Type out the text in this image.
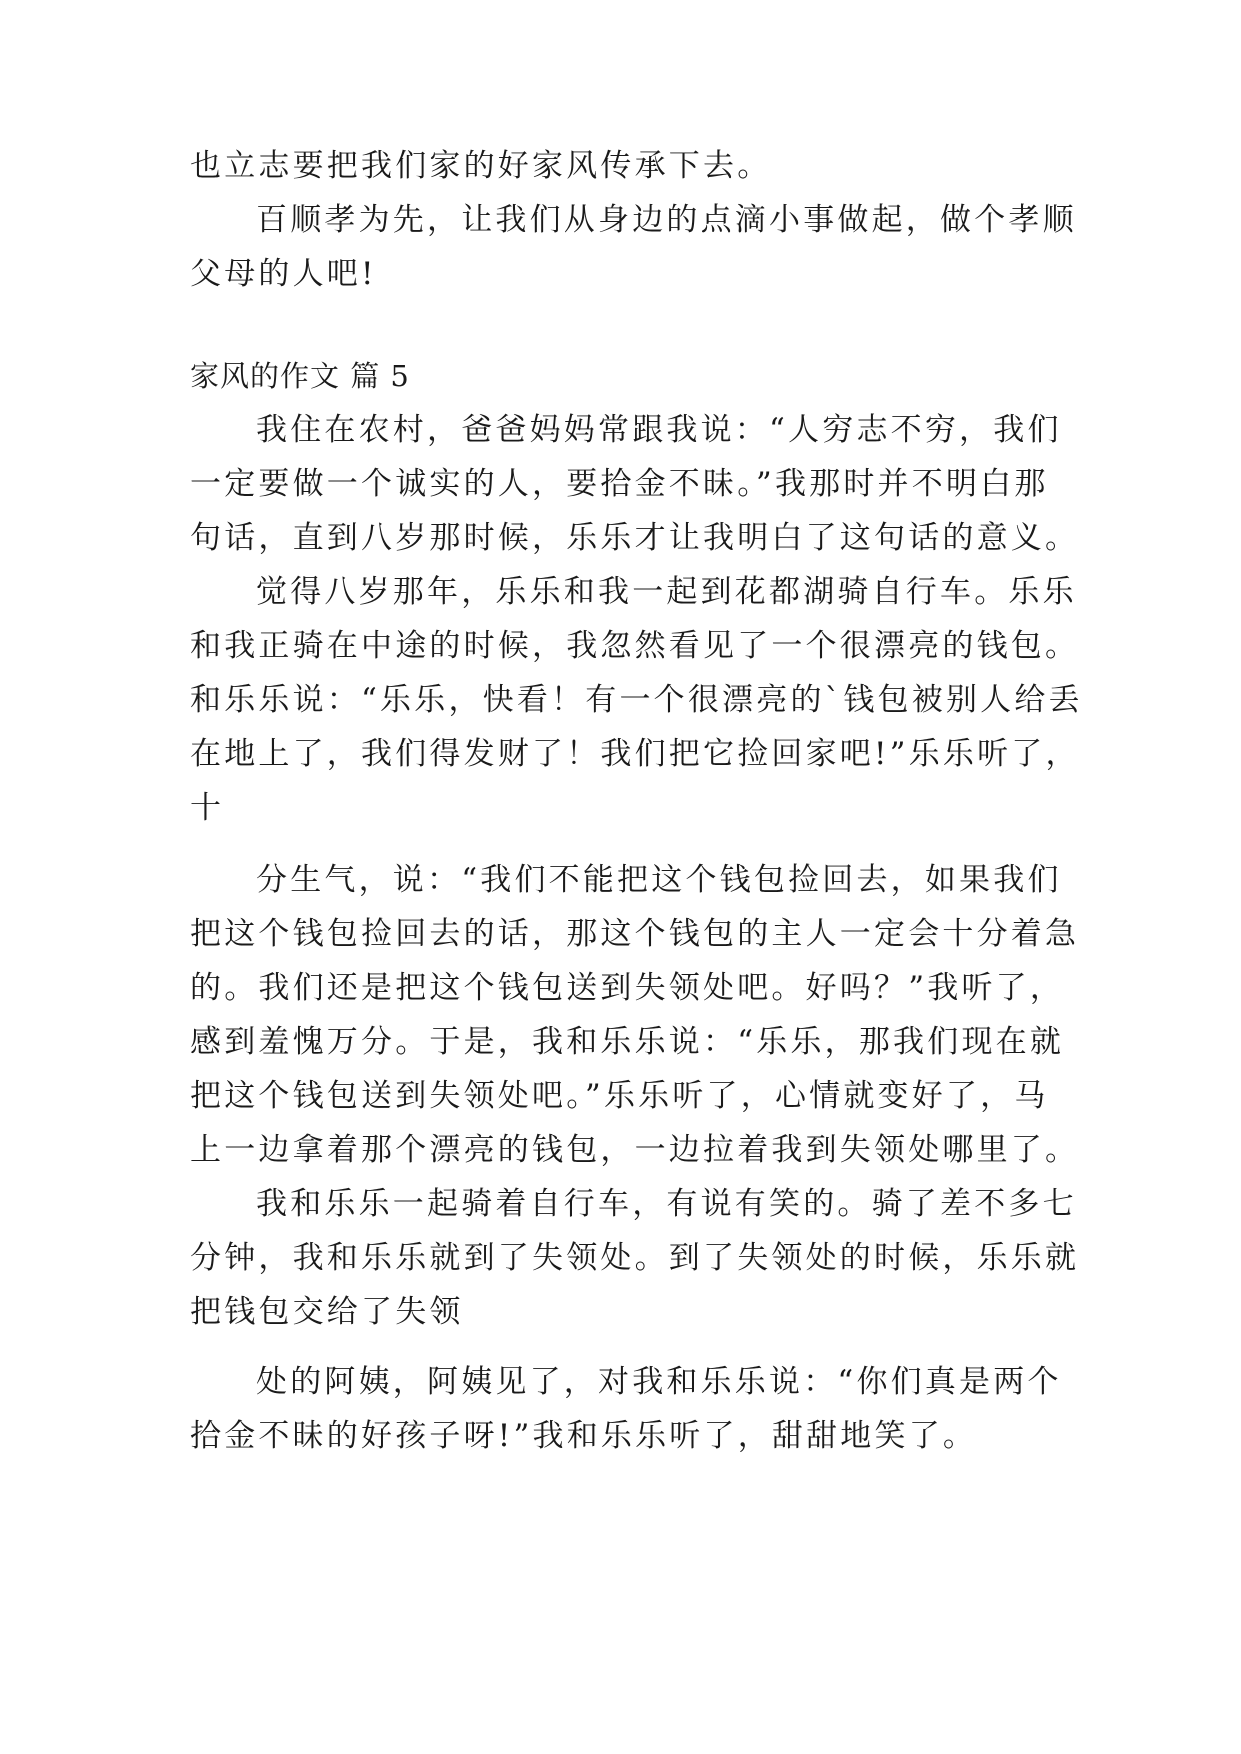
也立志要把我们家的好家风传承下去。
百顺孝为先，让我们从身边的点滴小事做起，做个孝顺
父母的人吧!
家风的作文 篇 5
我住在农村，爸爸妈妈常跟我说：“人穷志不穷，我们
一定要做一个诚实的人，要拾金不昧。”我那时并不明白那
句话，直到八岁那时候，乐乐才让我明白了这句话的意义。
觉得八岁那年，乐乐和我一起到花都湖骑自行车。乐乐
和我正骑在中途的时候，我忽然看见了一个很漂亮的钱包。
和乐乐说：“乐乐，快看！有一个很漂亮的`钱包被别人给丢
在地上了，我们得发财了！我们把它捡回家吧!”乐乐听了，
十
分生气，说：“我们不能把这个钱包捡回去，如果我们
把这个钱包捡回去的话，那这个钱包的主人一定会十分着急
的。我们还是把这个钱包送到失领处吧。好吗？”我听了，
感到羞愧万分。于是，我和乐乐说：“乐乐，那我们现在就
把这个钱包送到失领处吧。”乐乐听了，心情就变好了，马
上一边拿着那个漂亮的钱包，一边拉着我到失领处哪里了。
我和乐乐一起骑着自行车，有说有笑的。骑了差不多七
分钟，我和乐乐就到了失领处。到了失领处的时候，乐乐就
把钱包交给了失领
处的阿姨，阿姨见了，对我和乐乐说：“你们真是两个
拾金不昧的好孩子呀!”我和乐乐听了，甜甜地笑了。
